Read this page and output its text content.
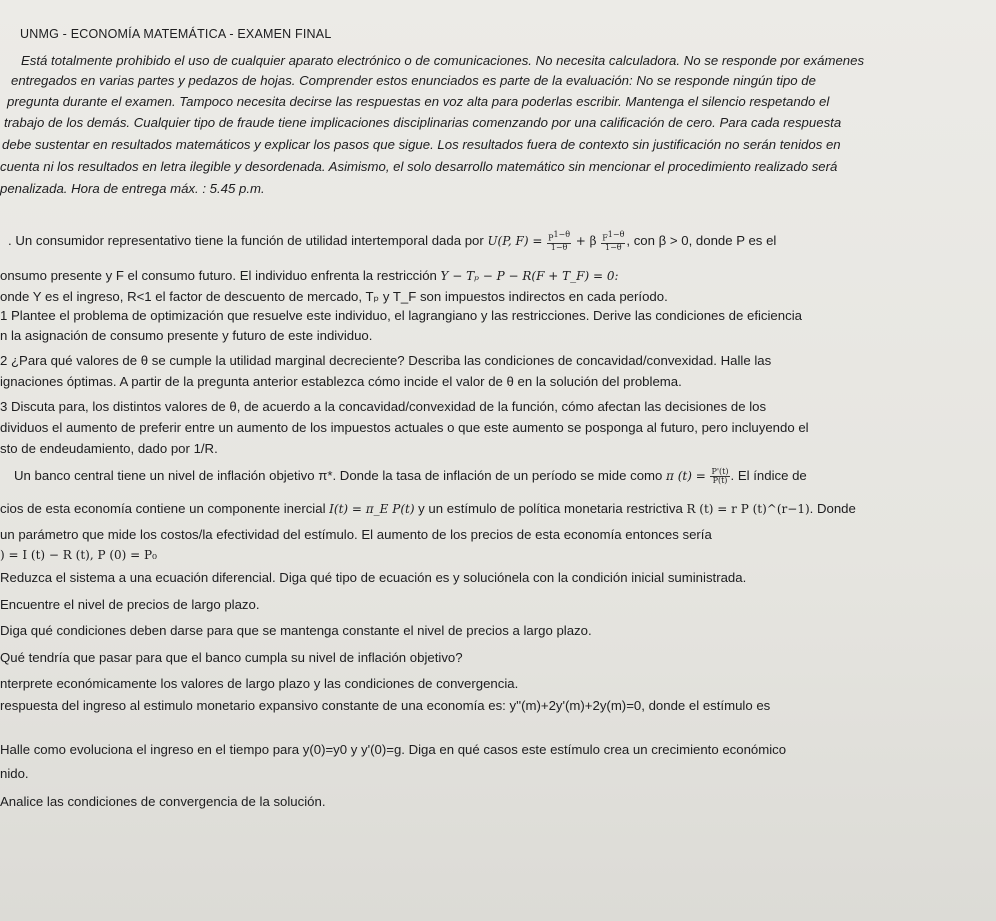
UNMG - ECONOMÍA MATEMÁTICA - EXAMEN FINAL
Está totalmente prohibido el uso de cualquier aparato electrónico o de comunicaciones. No necesita calculadora. No se responde por exámenes
entregados en varias partes y pedazos de hojas. Comprender estos enunciados es parte de la evaluación: No se responde ningún tipo de
pregunta durante el examen. Tampoco necesita decirse las respuestas en voz alta para poderlas escribir. Mantenga el silencio respetando el
trabajo de los demás. Cualquier tipo de fraude tiene implicaciones disciplinarias comenzando por una calificación de cero. Para cada respuesta
debe sustentar en resultados matemáticos y explicar los pasos que sigue. Los resultados fuera de contexto sin justificación no serán tenidos en
cuenta ni los resultados en letra ilegible y desordenada. Asimismo, el solo desarrollo matemático sin mencionar el procedimiento realizado será
penalizada. Hora de entrega máx. : 5.45 p.m.
. Un consumidor representativo tiene la función de utilidad intertemporal dada por U(P, $F) = \frac{P^{1-\theta}}{1-\theta} + \beta \frac{F^{1-\theta}}{1-\theta}$ , con β > 0, donde P es el
onsumo presente y F el consumo futuro. El individuo enfrenta la restricción Y − Tₚ − P − R(F + T_F) = 0:
onde Y es el ingreso, R<1 el factor de descuento de mercado, Tₚ y T_F son impuestos indirectos en cada período.
1 Plantee el problema de optimización que resuelve este individuo, el lagrangiano y las restricciones. Derive las condiciones de eficiencia
n la asignación de consumo presente y futuro de este individuo.
2 ¿Para qué valores de θ se cumple la utilidad marginal decreciente? Describa las condiciones de concavidad/convexidad. Halle las
ignaciones óptimas. A partir de la pregunta anterior establezca cómo incide el valor de θ en la solución del problema.
3 Discuta para, los distintos valores de θ, de acuerdo a la concavidad/convexidad de la función, cómo afectan las decisiones de los
dividuos el aumento de preferir entre un aumento de los impuestos actuales o que este aumento se posponga al futuro, pero incluyendo el
sto de endeudamiento, dado por 1/R.
Un banco central tiene un nivel de inflación objetivo π*. Donde la tasa de inflación de un período se mide como π $(t) = \frac{P'(t)}{P(t)}$ . El índice de
cios de esta economía contiene un componente inercial I(t) = π_E P(t) y un estímulo de política monetaria restrictiva R (t) = r P (t)^(r−1). Donde
un parámetro que mide los costos/la efectividad del estímulo. El aumento de los precios de esta economía entonces sería
) = I (t) − R (t), P (0) = P₀
Reduzca el sistema a una ecuación diferencial. Diga qué tipo de ecuación es y soluciónela con la condición inicial suministrada.
Encuentre el nivel de precios de largo plazo.
Diga qué condiciones deben darse para que se mantenga constante el nivel de precios a largo plazo.
Qué tendría que pasar para que el banco cumpla su nivel de inflación objetivo?
nterprete económicamente los valores de largo plazo y las condiciones de convergencia.
respuesta del ingreso al estimulo monetario expansivo constante de una economía es: y''(m)+2y'(m)+2y(m)=0, donde el estímulo es
Halle como evoluciona el ingreso en el tiempo para y(0)=y0 y y'(0)=g. Diga en qué casos este estímulo crea un crecimiento económico
nido.
Analice las condiciones de convergencia de la solución.
